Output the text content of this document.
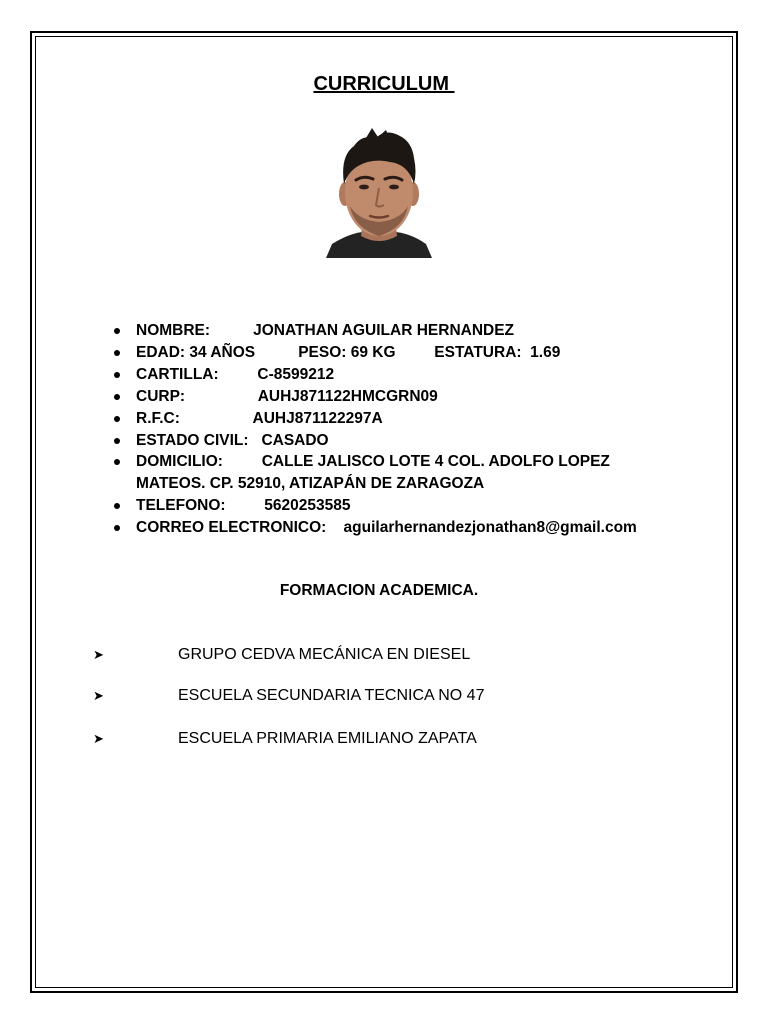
CURRICULUM
NOMBRE:          JONATHAN AGUILAR HERNANDEZ
EDAD: 34 AÑOS          PESO: 69 KG         ESTATURA:  1.69
CARTILLA:         C-8599212
CURP:                 AUHJ871122HMCGRN09
R.F.C:                 AUHJ871122297A
ESTADO CIVIL:   CASADO
DOMICILIO:         CALLE JALISCO LOTE 4 COL. ADOLFO LOPEZ
MATEOS. CP. 52910, ATIZAPÁN DE ZARAGOZA
TELEFONO:         5620253585
CORREO ELECTRONICO:    aguilarhernandezjonathan8@gmail.com
FORMACION ACADEMICA.
➤	GRUPO CEDVA MECÁNICA EN DIESEL
➤	ESCUELA SECUNDARIA TECNICA NO 47
➤	ESCUELA PRIMARIA EMILIANO ZAPATA
